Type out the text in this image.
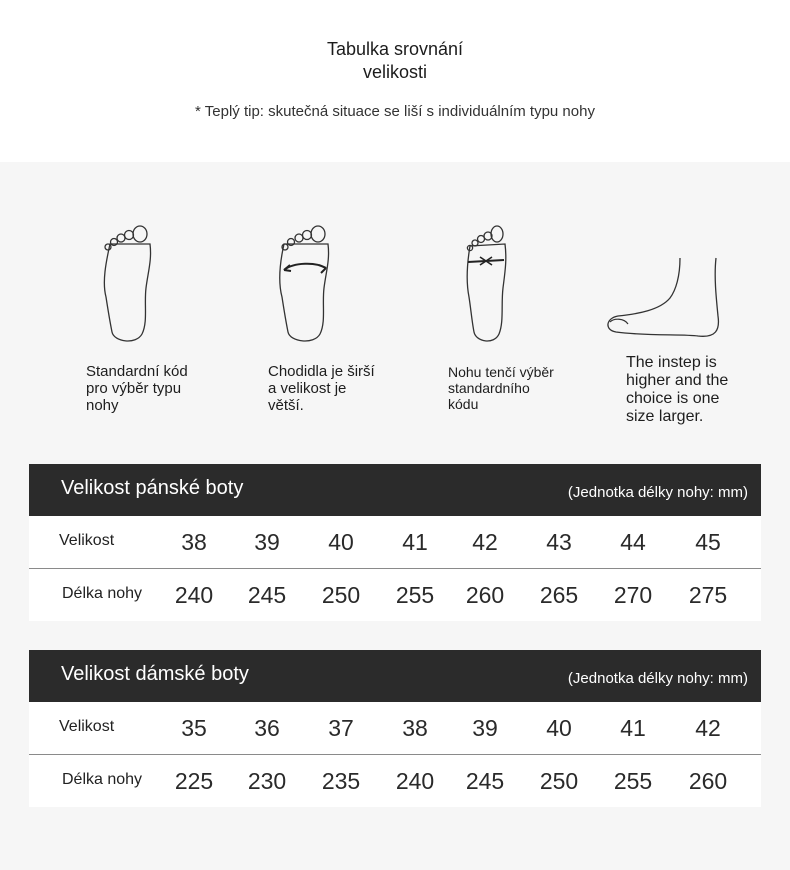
Tabulka srovnání
velikosti
* Teplý tip: skutečná situace se liší s individuálním typu nohy
Standardní kód
pro výběr typu
nohy
Chodidla je širší
a velikost je
větší.
Nohu tenčí výběr
standardního
kódu
The instep is
higher and the
choice is one
size larger.
Velikost pánské boty	(Jednotka délky nohy: mm)
Velikost	38	39	40	41	42	43	44	45
Délka nohy	240	245	250	255	260	265	270	275
Velikost dámské boty	(Jednotka délky nohy: mm)
Velikost	35	36	37	38	39	40	41	42
Délka nohy	225	230	235	240	245	250	255	260
